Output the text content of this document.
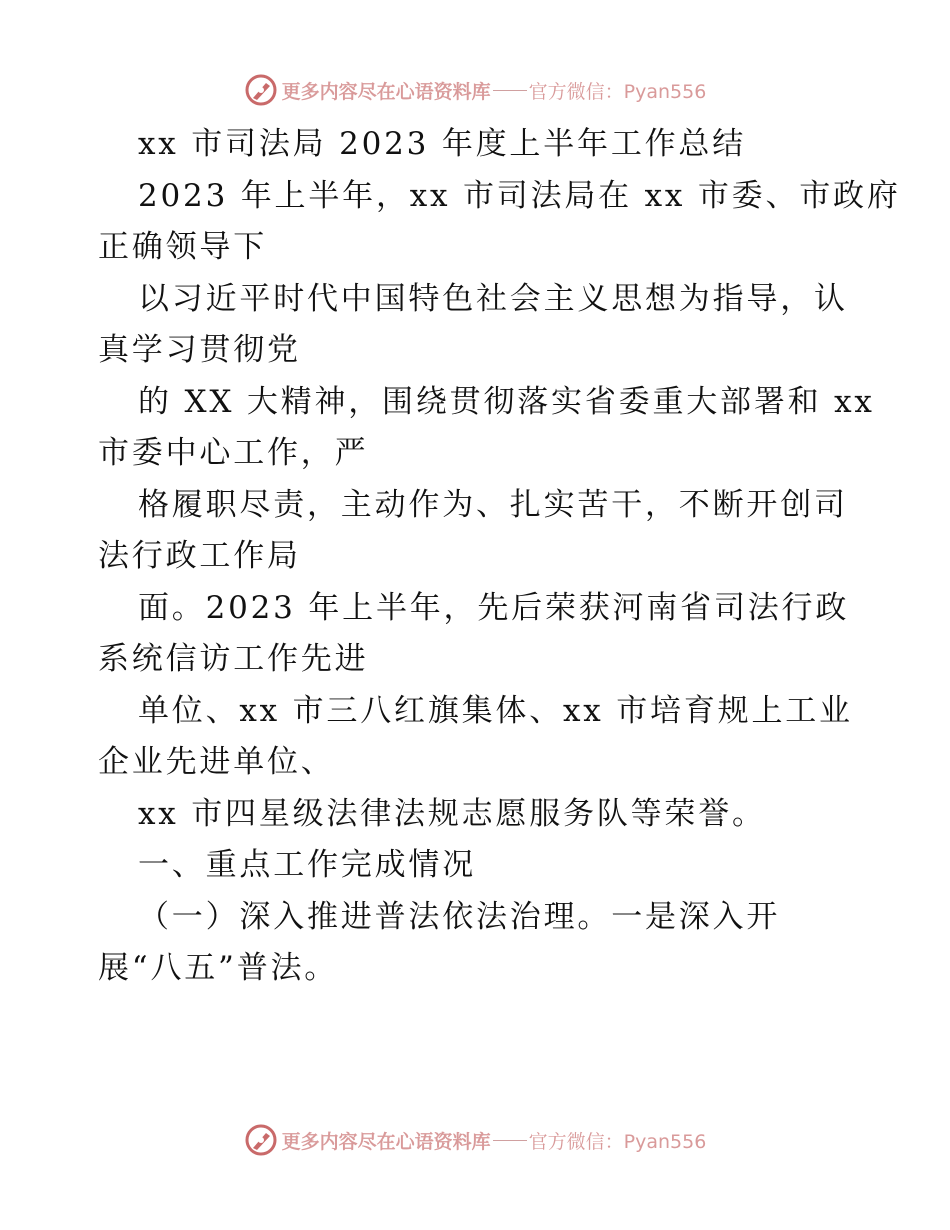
更多内容尽在心语资料库 官方微信：Pyan556
xx 市司法局 2023 年度上半年工作总结
2023 年上半年，xx 市司法局在 xx 市委、市政府
正确领导下
以习近平时代中国特色社会主义思想为指导，认
真学习贯彻党
的 XX 大精神，围绕贯彻落实省委重大部署和 xx
市委中心工作，严
格履职尽责，主动作为、扎实苦干，不断开创司
法行政工作局
面。2023 年上半年，先后荣获河南省司法行政
系统信访工作先进
单位、xx 市三八红旗集体、xx 市培育规上工业
企业先进单位、
xx 市四星级法律法规志愿服务队等荣誉。
一、重点工作完成情况
（一）深入推进普法依法治理。一是深入开
展“八五”普法。
更多内容尽在心语资料库 官方微信：Pyan556
